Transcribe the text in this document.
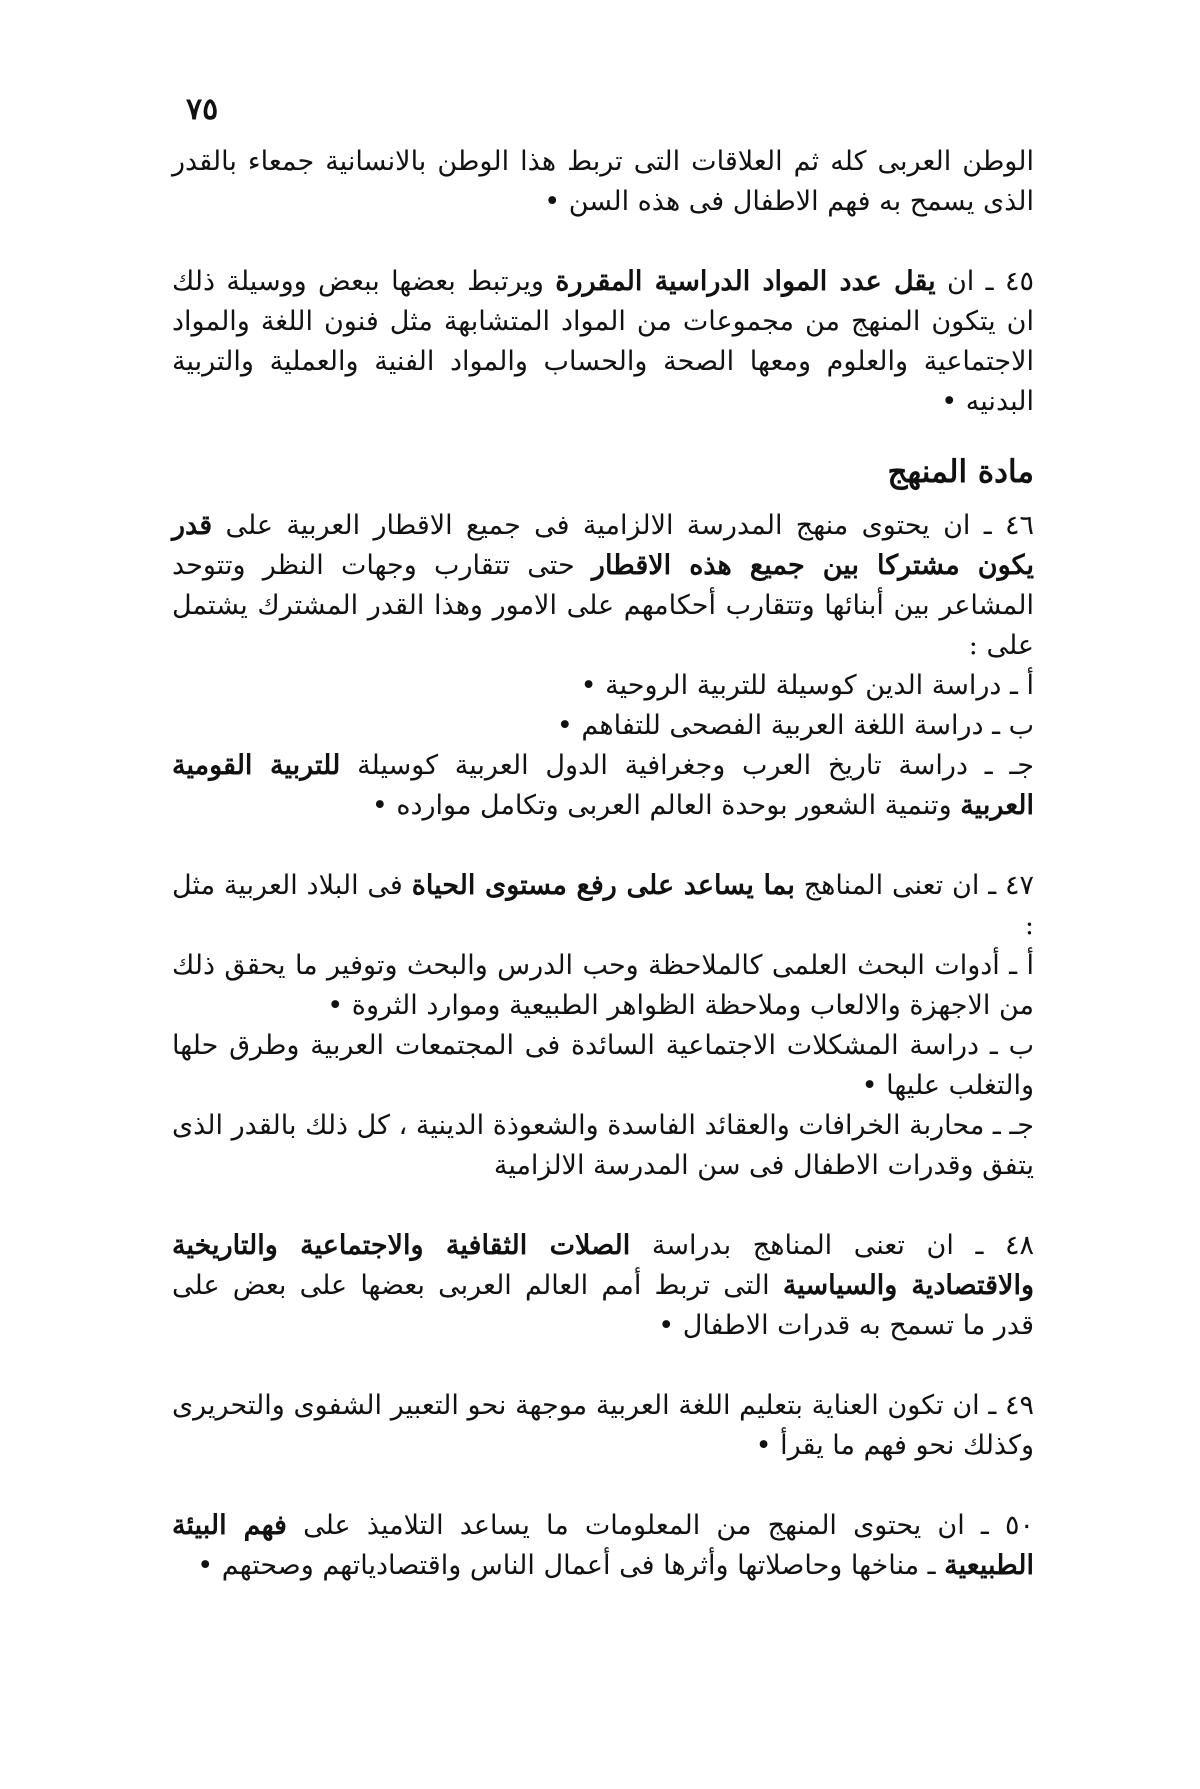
٧٥

الوطن العربى كله ثم العلاقات التى تربط هذا الوطن بالانسانية جمعاء بالقدر الذى يسمح به فهم الاطفال فى هذه السن •

٤٥ ـ ان يقل عدد المواد الدراسية المقررة ويرتبط بعضها ببعض ووسيلة ذلك ان يتكون المنهج من مجموعات من المواد المتشابهة مثل فنون اللغة والمواد الاجتماعية والعلوم ومعها الصحة والحساب والمواد الفنية والعملية والتربية البدنيه •

مادة المنهج

٤٦ ـ ان يحتوى منهج المدرسة الالزامية فى جميع الاقطار العربية على قدر يكون مشتركا بين جميع هذه الاقطار حتى تتقارب وجهات النظر وتتوحد المشاعر بين أبنائها وتتقارب أحكامهم على الامور وهذا القدر المشترك يشتمل على :

أ ـ دراسة الدين كوسيلة للتربية الروحية •

ب ـ دراسة اللغة العربية الفصحى للتفاهم •

جـ ـ دراسة تاريخ العرب وجغرافية الدول العربية كوسيلة للتربية القومية العربية وتنمية الشعور بوحدة العالم العربى وتكامل موارده •

٤٧ ـ ان تعنى المناهج بما يساعد على رفع مستوى الحياة فى البلاد العربية مثل :

أ ـ أدوات البحث العلمى كالملاحظة وحب الدرس والبحث وتوفير ما يحقق ذلك من الاجهزة والالعاب وملاحظة الظواهر الطبيعية وموارد الثروة •

ب ـ دراسة المشكلات الاجتماعية السائدة فى المجتمعات العربية وطرق حلها والتغلب عليها •

جـ ـ محاربة الخرافات والعقائد الفاسدة والشعوذة الدينية ، كل ذلك بالقدر الذى يتفق وقدرات الاطفال فى سن المدرسة الالزامية

٤٨ ـ ان تعنى المناهج بدراسة الصلات الثقافية والاجتماعية والتاريخية والاقتصادية والسياسية التى تربط أمم العالم العربى بعضها على بعض على قدر ما تسمح به قدرات الاطفال •

٤٩ ـ ان تكون العناية بتعليم اللغة العربية موجهة نحو التعبير الشفوى والتحريرى وكذلك نحو فهم ما يقرأ •

٥٠ ـ ان يحتوى المنهج من المعلومات ما يساعد التلاميذ على فهم البيئة الطبيعية ـ مناخها وحاصلاتها وأثرها فى أعمال الناس واقتصادياتهم وصحتهم •
